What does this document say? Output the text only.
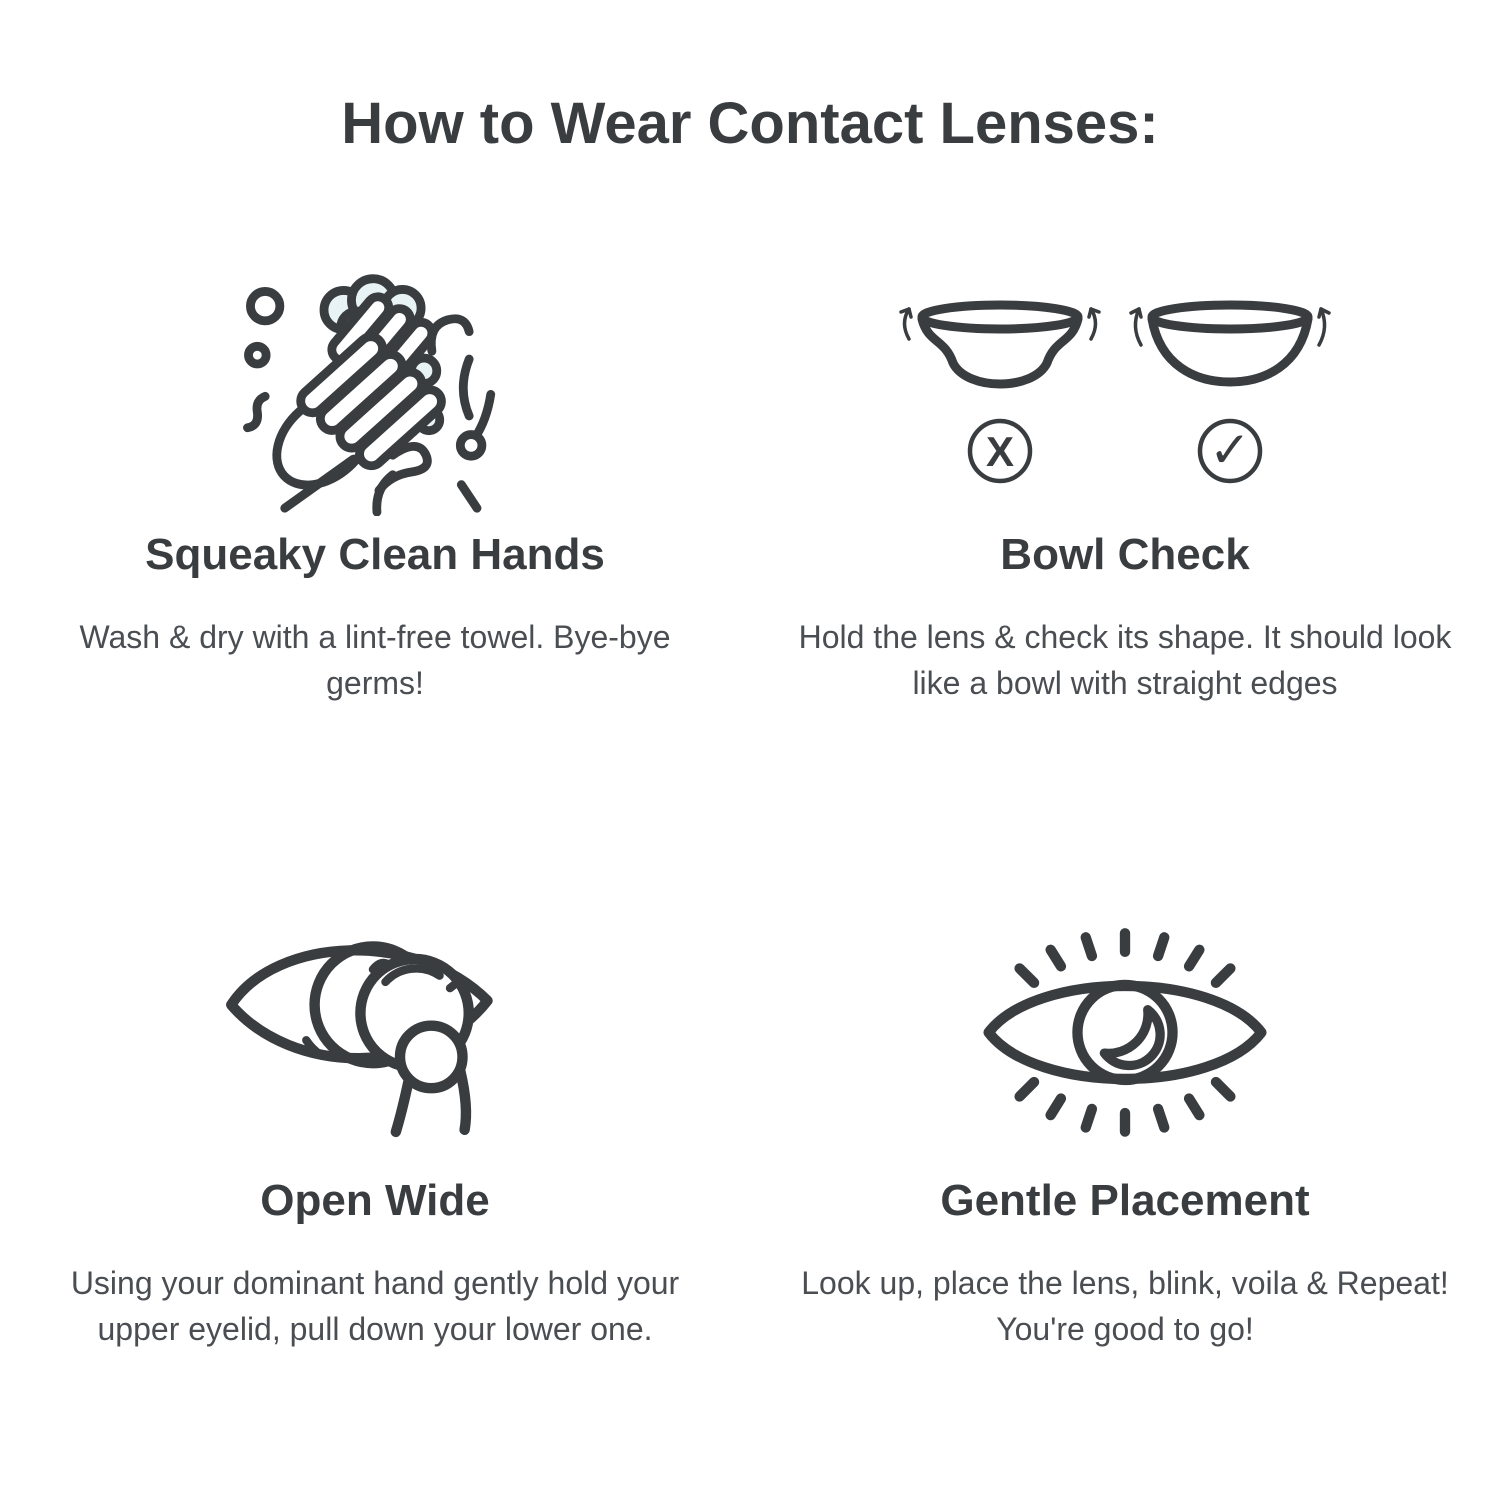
How to Wear Contact Lenses:
Squeaky Clean Hands

Wash & dry with a lint-free towel. Bye-bye germs!

X	✓
Bowl Check

Hold the lens & check its shape. It should look like a bowl with straight edges

Open Wide

Using your dominant hand gently hold your upper eyelid, pull down your lower one.

Gentle Placement

Look up, place the lens, blink, voila & Repeat! You're good to go!
